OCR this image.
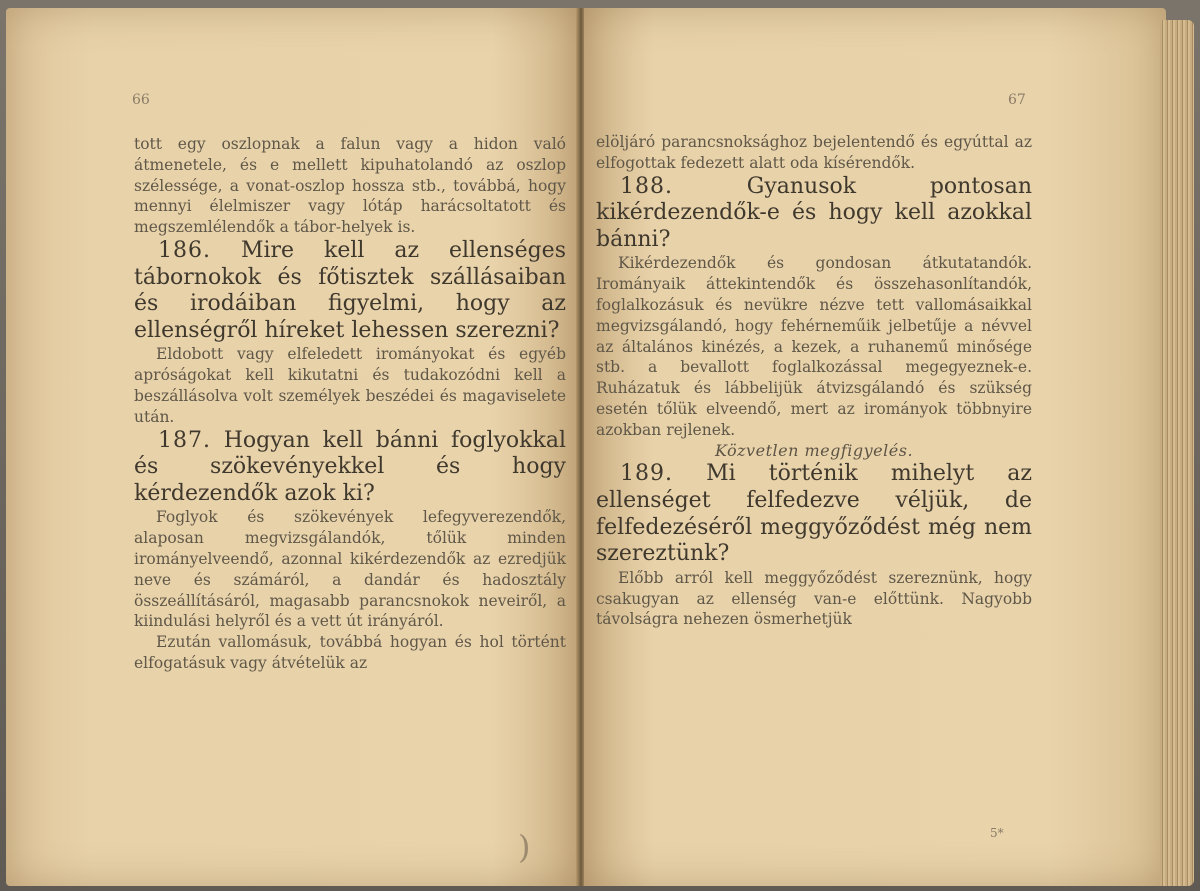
66

tott egy oszlopnak a falun vagy a hidon való átmenetele, és e mellett kipuhatolandó az oszlop szélessége, a vonat-oszlop hossza stb., továbbá, hogy mennyi élelmiszer vagy lótáp harácsoltatott és megszemlélendők a tábor-helyek is.

186. Mire kell az ellenséges tábornokok és főtisztek szállásaiban és irodáiban figyelmi, hogy az ellenségről híreket lehessen szerezni?

Eldobott vagy elfeledett irományokat és egyéb apróságokat kell kikutatni és tudakozódni kell a beszállásolva volt személyek beszédei és magaviselete után.

187. Hogyan kell bánni foglyokkal és szökevényekkel és hogy kérdezendők azok ki?

Foglyok és szökevények lefegyverezendők, alaposan megvizsgálandók, tőlük minden irományelveendő, azonnal kikérdezendők az ezredjük neve és számáról, a dandár és hadosztály összeállításáról, magasabb parancsnokok neveiről, a kiindulási helyről és a vett út irányáról.

Ezután vallomásuk, továbbá hogyan és hol történt elfogatásuk vagy átvételük az

)
67

elöljáró parancsnoksághoz bejelentendő és egyúttal az elfogottak fedezett alatt oda kísérendők.

188.	Gyanusok pontosan kikérdezendők-e és hogy kell azokkal bánni?

Kikérdezendők és gondosan átkutatandók. Irományaik áttekintendők és összehasonlítandók, foglalkozásuk és nevükre nézve tett vallomásaikkal megvizsgálandó, hogy fehérneműik jelbetűje a névvel az általános kinézés, a kezek, a ruhanemű minősége stb. a bevallott foglalkozással megegyeznek-e. Ruházatuk és lábbelijük átvizsgálandó és szükség esetén tőlük elveendő, mert az irományok többnyire azokban rejlenek.

Közvetlen megfigyelés.

189. Mi történik mihelyt az ellenséget felfedezve véljük, de felfedezéséről meggyőződést még nem szereztünk?

Előbb arról kell meggyőződést szereznünk, hogy csakugyan az ellenség van-e előttünk. Nagyobb távolságra nehezen ösmerhetjük

5*
